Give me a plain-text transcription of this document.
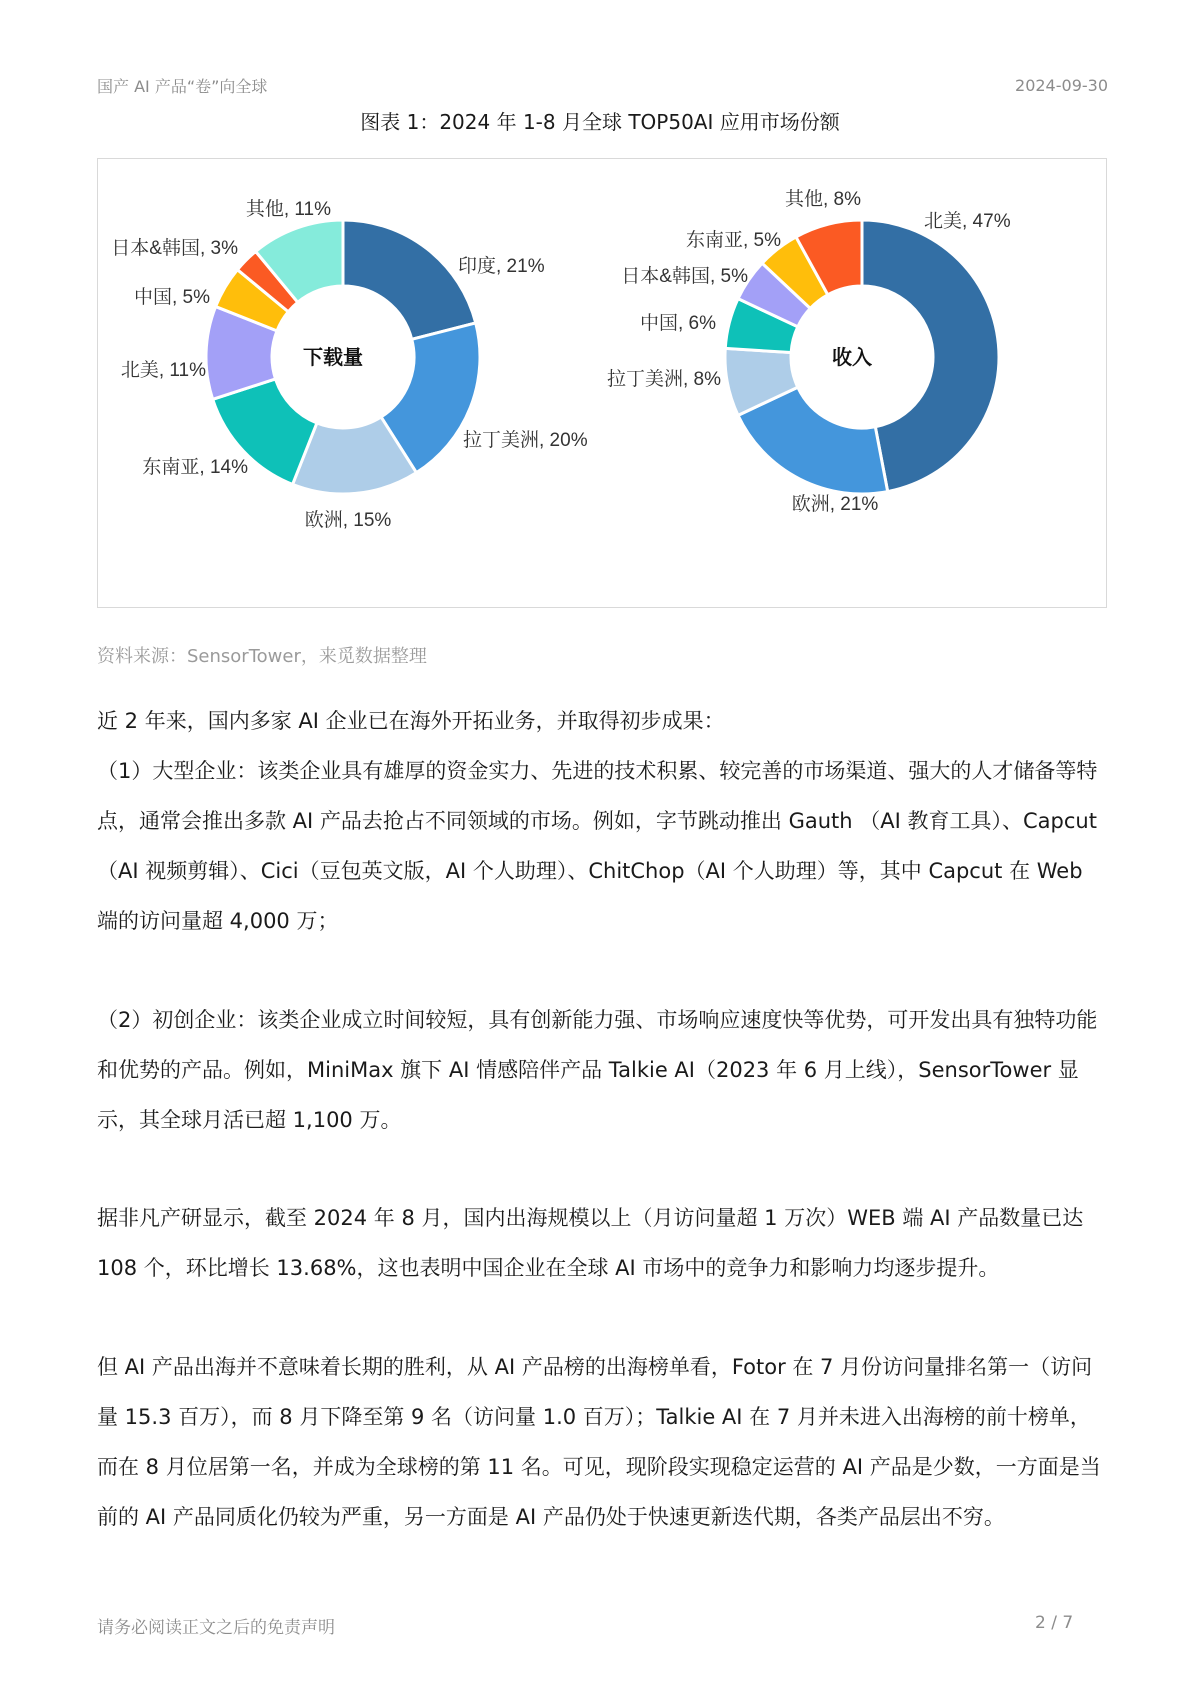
国产 AI 产品“卷”向全球	2024-09-30
图表 1：2024 年 1-8 月全球 TOP50AI 应用市场份额
印度, 21%
拉丁美洲, 20%
欧洲, 15%
东南亚, 14%
北美, 11%
中国, 5%
日本&韩国, 3%
其他, 11%
下载量
北美, 47%
欧洲, 21%
拉丁美洲, 8%
中国, 6%
日本&韩国, 5%
东南亚, 5%
其他, 8%
收入
资料来源：SensorTower，来觅数据整理

近 2 年来，国内多家 AI 企业已在海外开拓业务，并取得初步成果：

（1）大型企业：该类企业具有雄厚的资金实力、先进的技术积累、较完善的市场渠道、强大的人才储备等特点，通常会推出多款 AI 产品去抢占不同领域的市场。例如，字节跳动推出 Gauth （AI 教育工具）、Capcut（AI 视频剪辑）、Cici（豆包英文版，AI 个人助理）、ChitChop（AI 个人助理）等，其中 Capcut 在 Web 端的访问量超 4,000 万；

（2）初创企业：该类企业成立时间较短，具有创新能力强、市场响应速度快等优势，可开发出具有独特功能和优势的产品。例如，MiniMax 旗下 AI 情感陪伴产品 Talkie AI（2023 年 6 月上线），SensorTower 显示，其全球月活已超 1,100 万。

据非凡产研显示，截至 2024 年 8 月，国内出海规模以上（月访问量超 1 万次）WEB 端 AI 产品数量已达 108 个，环比增长 13.68%，这也表明中国企业在全球 AI 市场中的竞争力和影响力均逐步提升。

但 AI 产品出海并不意味着长期的胜利，从 AI 产品榜的出海榜单看，Fotor 在 7 月份访问量排名第一（访问量 15.3 百万），而 8 月下降至第 9 名（访问量 1.0 百万）；Talkie AI 在 7 月并未进入出海榜的前十榜单，而在 8 月位居第一名，并成为全球榜的第 11 名。可见，现阶段实现稳定运营的 AI 产品是少数，一方面是当前的 AI 产品同质化仍较为严重，另一方面是 AI 产品仍处于快速更新迭代期，各类产品层出不穷。

请务必阅读正文之后的免责声明	2 / 7
